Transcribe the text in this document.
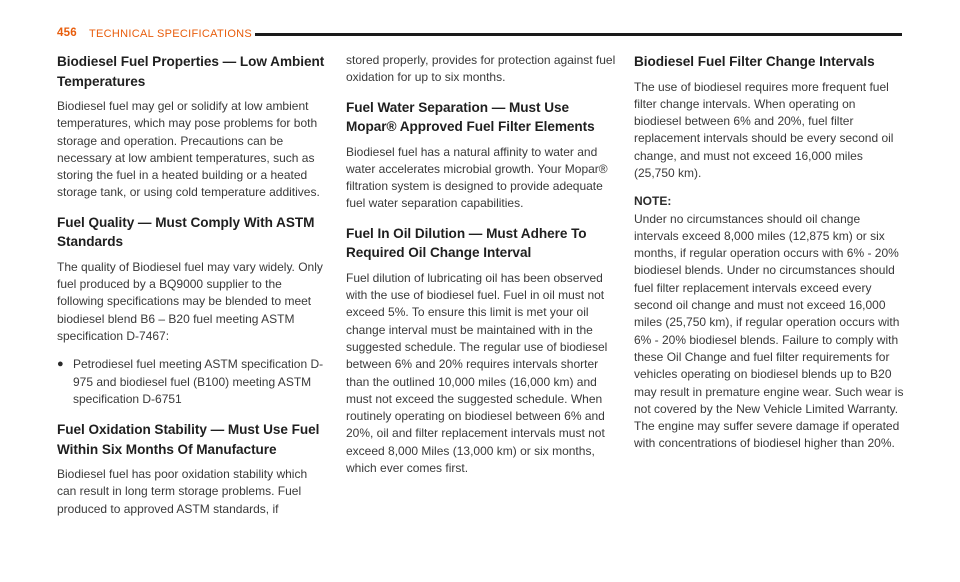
456 TECHNICAL SPECIFICATIONS
Biodiesel Fuel Properties — Low Ambient Temperatures

Biodiesel fuel may gel or solidify at low ambient temperatures, which may pose problems for both storage and operation. Precautions can be necessary at low ambient temperatures, such as storing the fuel in a heated building or a heated storage tank, or using cold temperature additives.

Fuel Quality — Must Comply With ASTM Standards

The quality of Biodiesel fuel may vary widely. Only fuel produced by a BQ9000 supplier to the following specifications may be blended to meet biodiesel blend B6 – B20 fuel meeting ASTM specification D-7467:

● Petrodiesel fuel meeting ASTM specification D-975 and biodiesel fuel (B100) meeting ASTM specification D-6751
Fuel Oxidation Stability — Must Use Fuel Within Six Months Of Manufacture

Biodiesel fuel has poor oxidation stability which can result in long term storage problems. Fuel produced to approved ASTM standards, if

stored properly, provides for protection against fuel oxidation for up to six months.

Fuel Water Separation — Must Use Mopar® Approved Fuel Filter Elements

Biodiesel fuel has a natural affinity to water and water accelerates microbial growth. Your Mopar® filtration system is designed to provide adequate fuel water separation capabilities.

Fuel In Oil Dilution — Must Adhere To Required Oil Change Interval

Fuel dilution of lubricating oil has been observed with the use of biodiesel fuel. Fuel in oil must not exceed 5%. To ensure this limit is met your oil change interval must be maintained with in the suggested schedule. The regular use of biodiesel between 6% and 20% requires intervals shorter than the outlined 10,000 miles (16,000 km) and must not exceed the suggested schedule. When routinely operating on biodiesel between 6% and 20%, oil and filter replacement intervals must not exceed 8,000 Miles (13,000 km) or six months, which ever comes first.

Biodiesel Fuel Filter Change Intervals

The use of biodiesel requires more frequent fuel filter change intervals. When operating on biodiesel between 6% and 20%, fuel filter replacement intervals should be every second oil change, and must not exceed 16,000 miles (25,750 km).

NOTE:

Under no circumstances should oil change intervals exceed 8,000 miles (12,875 km) or six months, if regular operation occurs with 6% - 20% biodiesel blends. Under no circumstances should fuel filter replacement intervals exceed every second oil change and must not exceed 16,000 miles (25,750 km), if regular operation occurs with 6% - 20% biodiesel blends. Failure to comply with these Oil Change and fuel filter requirements for vehicles operating on biodiesel blends up to B20 may result in premature engine wear. Such wear is not covered by the New Vehicle Limited Warranty. The engine may suffer severe damage if operated with concentrations of biodiesel higher than 20%.
